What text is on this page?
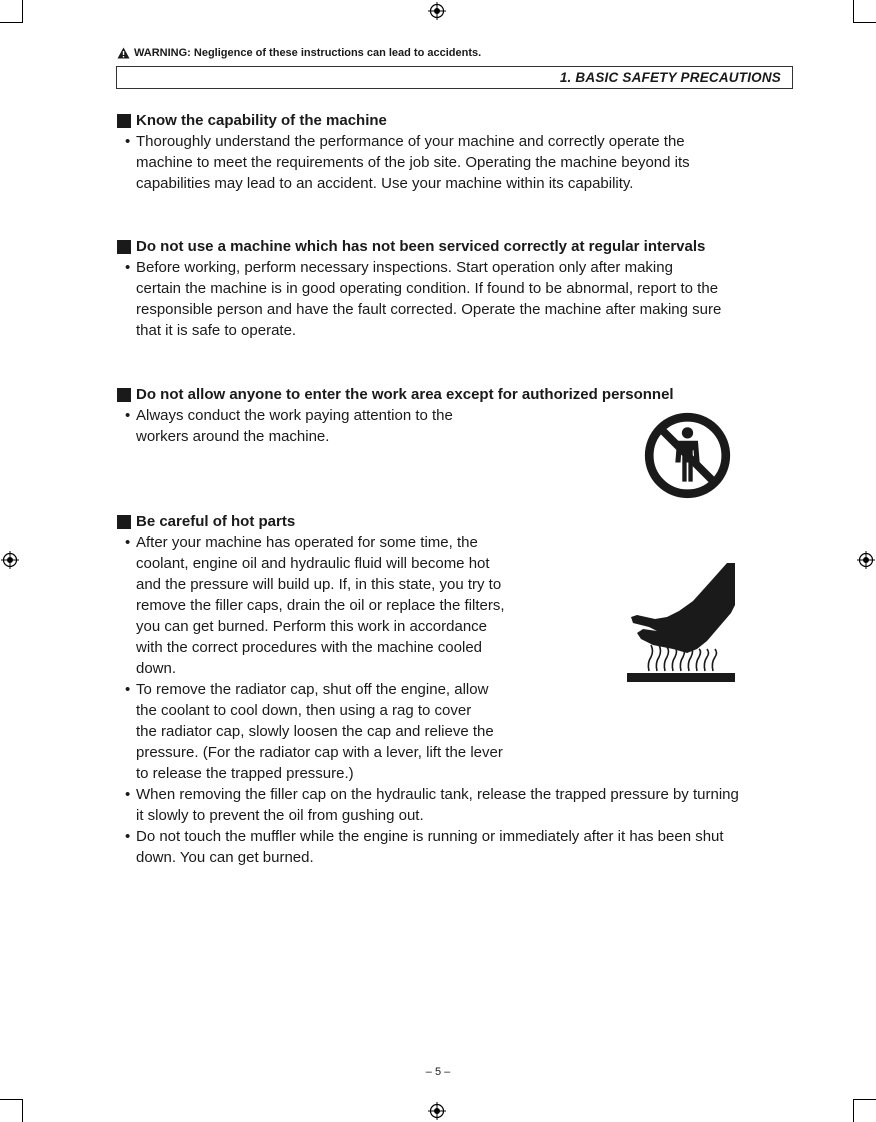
WARNING: Negligence of these instructions can lead to accidents.
1. BASIC SAFETY PRECAUTIONS
Know the capability of the machine
• Thoroughly understand the performance of your machine and correctly operate the
machine to meet the requirements of the job site. Operating the machine beyond its
capabilities may lead to an accident. Use your machine within its capability.
Do not use a machine which has not been serviced correctly at regular intervals
• Before working, perform necessary inspections. Start operation only after making
certain the machine is in good operating condition. If found to be abnormal, report to the
responsible person and have the fault corrected. Operate the machine after making sure
that it is safe to operate.
Do not allow anyone to enter the work area except for authorized personnel
• Always conduct the work paying attention to the
workers around the machine.
Be careful of hot parts
• After your machine has operated for some time, the
coolant, engine oil and hydraulic fluid will become hot
and the pressure will build up. If, in this state, you try to
remove the filler caps, drain the oil or replace the filters,
you can get burned. Perform this work in accordance
with the correct procedures with the machine cooled
down.
• To remove the radiator cap, shut off the engine, allow
the coolant to cool down, then using a rag to cover
the radiator cap, slowly loosen the cap and relieve the
pressure. (For the radiator cap with a lever, lift the lever
to release the trapped pressure.)
• When removing the filler cap on the hydraulic tank, release the trapped pressure by turning
it slowly to prevent the oil from gushing out.
• Do not touch the muffler while the engine is running or immediately after it has been shut
down. You can get burned.
– 5 –
